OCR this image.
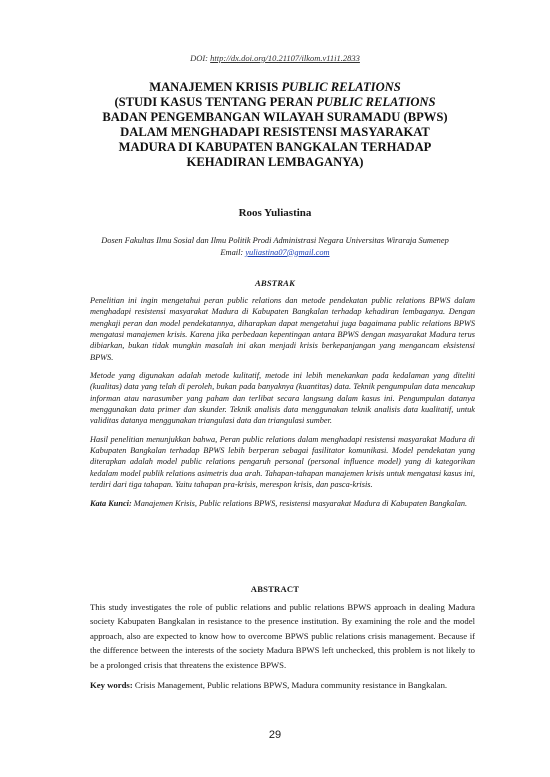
DOI: http://dx.doi.org/10.21107/ilkom.v11i1.2833
MANAJEMEN KRISIS PUBLIC RELATIONS
(STUDI KASUS TENTANG PERAN PUBLIC RELATIONS
BADAN PENGEMBANGAN WILAYAH SURAMADU (BPWS)
DALAM MENGHADAPI RESISTENSI MASYARAKAT
MADURA DI KABUPATEN BANGKALAN TERHADAP
KEHADIRAN LEMBAGANYA)
Roos Yuliastina
Dosen Fakultas Ilmu Sosial dan Ilmu Politik Prodi Administrasi Negara Universitas Wiraraja Sumenep
Email: yuliastina07@gmail.com
ABSTRAK

Penelitian ini ingin mengetahui peran public relations dan metode pendekatan public relations BPWS dalam menghadapi resistensi masyarakat Madura di Kabupaten Bangkalan terhadap kehadiran lembaganya. Dengan mengkaji peran dan model pendekatannya, diharapkan dapat mengetahui juga bagaimana public relations BPWS mengatasi manajemen krisis. Karena jika perbedaan kepentingan antara BPWS dengan masyarakat Madura terus dibiarkan, bukan tidak mungkin masalah ini akan menjadi krisis berkepanjangan yang mengancam eksistensi BPWS.

Metode yang digunakan adalah metode kulitatif, metode ini lebih menekankan pada kedalaman yang diteliti (kualitas) data yang telah di peroleh, bukan pada banyaknya (kuantitas) data. Teknik pengumpulan data mencakup informan atau narasumber yang paham dan terlibat secara langsung dalam kasus ini. Pengumpulan datanya menggunakan data primer dan skunder. Teknik analisis data menggunakan teknik analisis data kualitatif, untuk validitas datanya menggunakan triangulasi data dan triangulasi sumber.

Hasil penelitian menunjukkan bahwa, Peran public relations dalam menghadapi resistensi masyarakat Madura di Kabupaten Bangkalan terhadap BPWS lebih berperan sebagai fasilitator komunikasi. Model pendekatan yang diterapkan adalah model public relations pengaruh personal (personal influence model) yang di kategorikan kedalam model publik relations asimetris dua arah. Tahapan-tahapan manajemen krisis untuk mengatasi kasus ini, terdiri dari tiga tahapan. Yaitu tahapan pra-krisis, merespon krisis, dan pasca-krisis.

Kata Kunci: Manajemen Krisis, Public relations BPWS, resistensi masyarakat Madura di Kabupaten Bangkalan.

ABSTRACT

This study investigates the role of public relations and public relations BPWS approach in dealing Madura society Kabupaten Bangkalan in resistance to the presence institution. By examining the role and the model approach, also are expected to know how to overcome BPWS public relations crisis management. Because if the difference between the interests of the society Madura BPWS left unchecked, this problem is not likely to be a prolonged crisis that threatens the existence BPWS.

Key words: Crisis Management, Public relations BPWS, Madura community resistance in Bangkalan.
29
